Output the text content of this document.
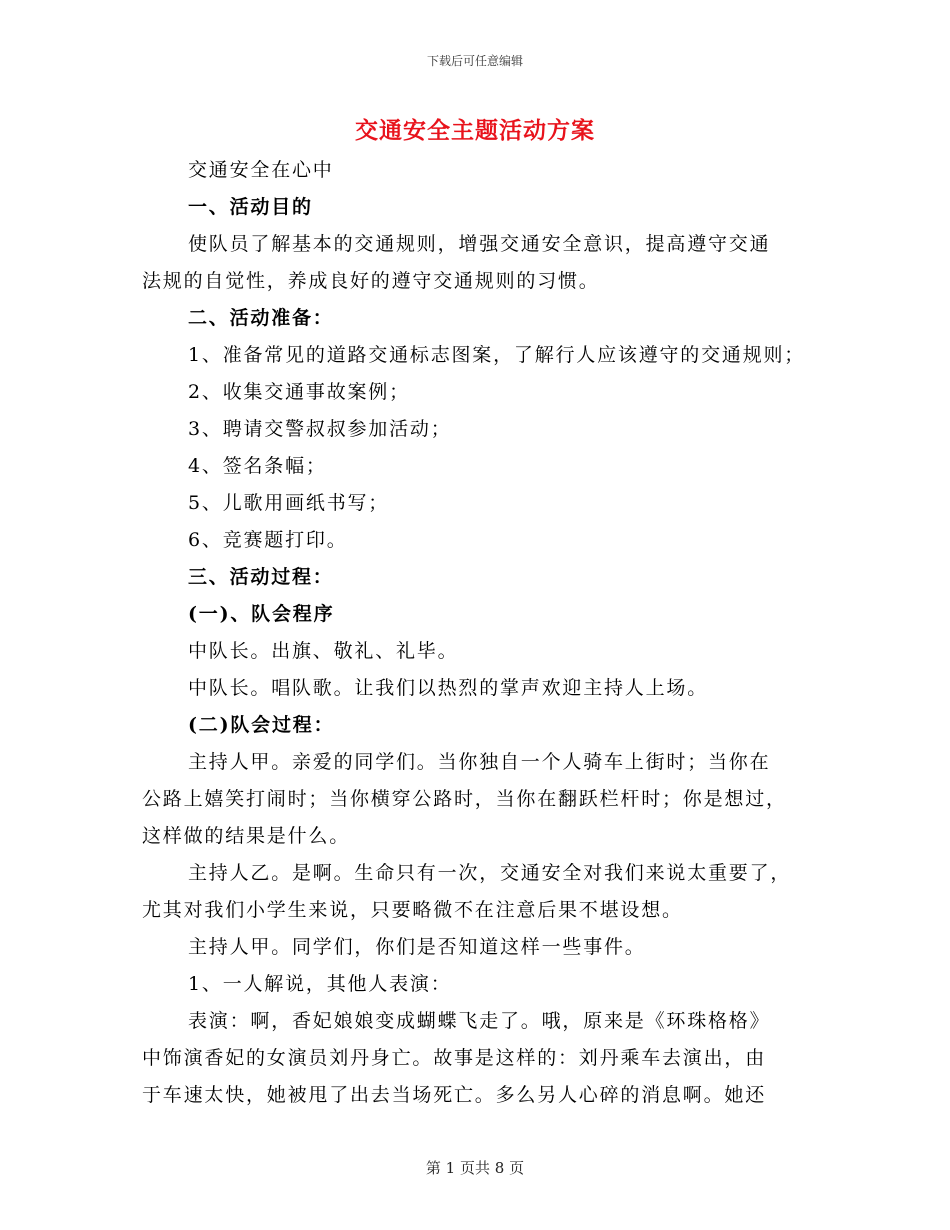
下载后可任意编辑
交通安全主题活动方案
交通安全在心中
一、活动目的
使队员了解基本的交通规则，增强交通安全意识，提高遵守交通
法规的自觉性，养成良好的遵守交通规则的习惯。
二、活动准备：
1、准备常见的道路交通标志图案，了解行人应该遵守的交通规则；
2、收集交通事故案例；
3、聘请交警叔叔参加活动；
4、签名条幅；
5、儿歌用画纸书写；
6、竞赛题打印。
三、活动过程：
(一)、队会程序
中队长。出旗、敬礼、礼毕。
中队长。唱队歌。让我们以热烈的掌声欢迎主持人上场。
(二)队会过程：
主持人甲。亲爱的同学们。当你独自一个人骑车上街时；当你在
公路上嬉笑打闹时；当你横穿公路时，当你在翻跃栏杆时；你是想过，
这样做的结果是什么。
主持人乙。是啊。生命只有一次，交通安全对我们来说太重要了，
尤其对我们小学生来说，只要略微不在注意后果不堪设想。
主持人甲。同学们，你们是否知道这样一些事件。
1、一人解说，其他人表演：
表演：啊，香妃娘娘变成蝴蝶飞走了。哦，原来是《环珠格格》
中饰演香妃的女演员刘丹身亡。故事是这样的：刘丹乘车去演出，由
于车速太快，她被甩了出去当场死亡。多么另人心碎的消息啊。她还
第 1 页共 8 页
